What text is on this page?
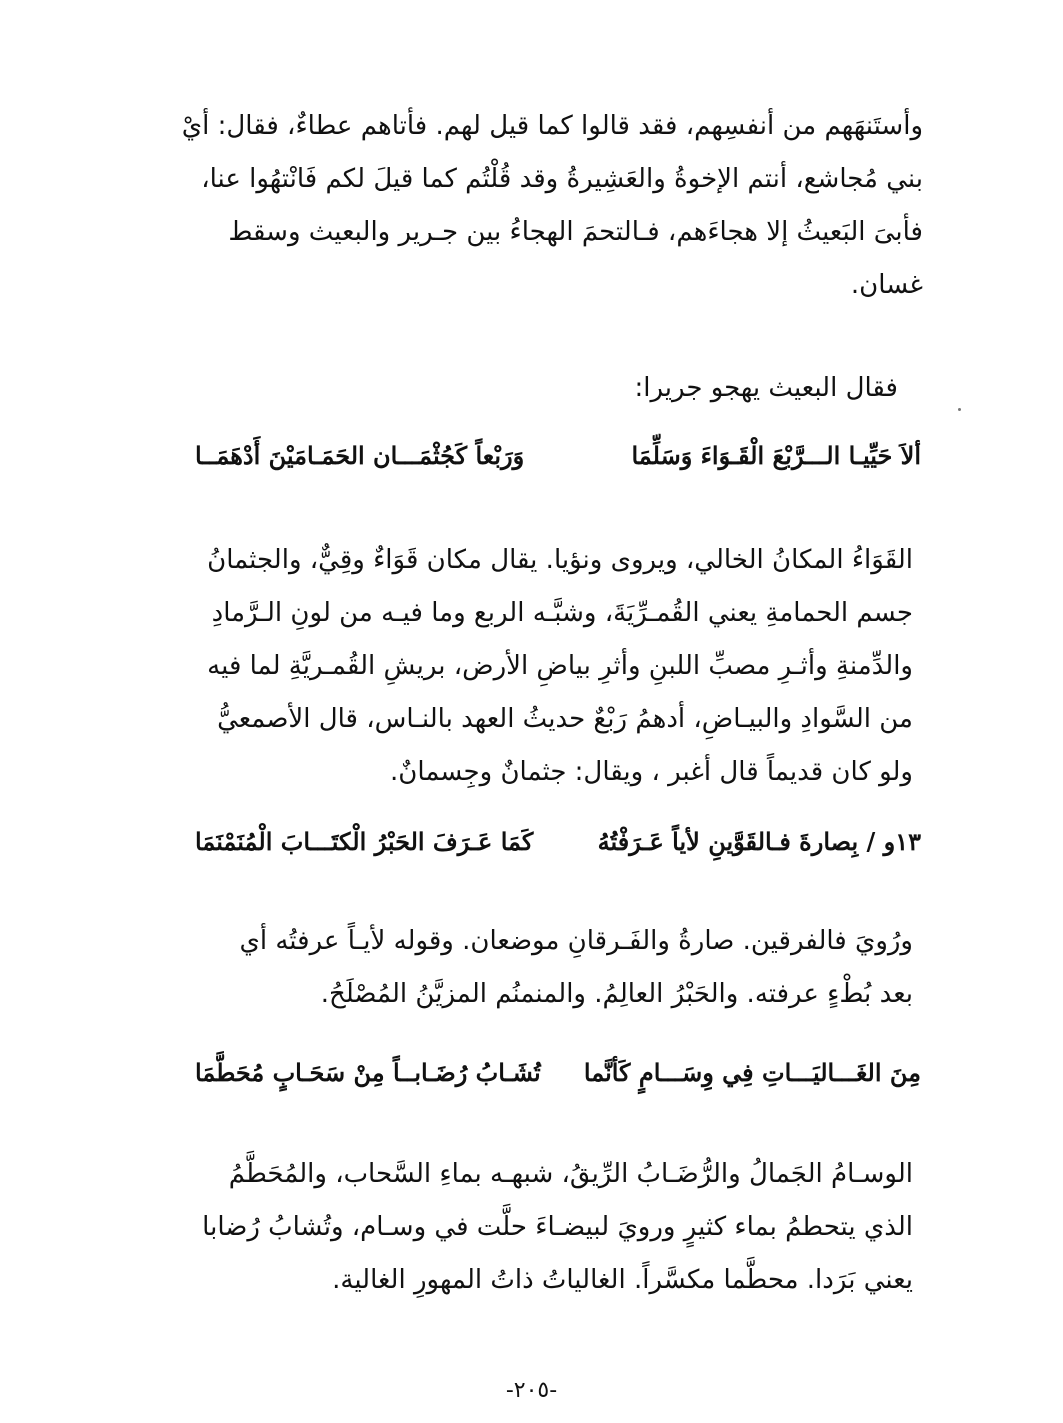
وأستَنهَهم من أنفسِهم، فقد قالوا كما قيل لهم. فأتاهم عطاءٌ، فقال: أيْ
بني مُجاشع، أنتم الإخوةُ والعَشِيرةُ وقد قُلْتُم كما قيلَ لكم فَانْتهُوا عنا،
فأبىَ البَعيثُ إلا هجاءَهم، فـالتحمَ الهجاءُ بين جـرير والبعيث وسقط
غسان.
فقال البعيث يهجو جريرا:
ألاَ حَيِّيـا الـــرَّبْعَ الْقَـوَاءَ وَسَلِّمَا
وَرَبْعاً كَجُثْمَـــان الحَمَـامَيْنَ أَدْهَمَــا
القَوَاءُ المكانُ الخالي، ويروى ونؤيا. يقال مكان قَوَاءٌ وقِيٌّ، والجثمانُ
جسم الحمامةِ يعني القُمـرِّيَةَ، وشبَّـه الربع وما فيـه من لونِ الـرَّمادِ
والدِّمنةِ وأثـرِ مصبِّ اللبنِ وأثرِ بياضِ الأرض، بريشِ القُمـريَّةِ لما فيه
من السَّوادِ والبيـاضِ، أدهمُ رَبْعٌ حديثُ العهد بالنـاس، قال الأصمعيُّ
ولو كان قديماً قال أغبر ، ويقال: جثمانٌ وجِسمانٌ.
١٣و / بِصارةَ فـالقَوَّينِ لأياً عَـرَفْتُهُ
كَمَا عَـرَفَ الحَبْرُ الْكتَـــابَ الْمُنَمْنَمَا
ورُويَ فالفرقين. صارةُ والفَـرقانِ موضعان. وقوله لأيـاً عرفتُه أي
بعد بُطْءٍ عرفته. والحَبْرُ العالِمُ. والمنمنُم المزيَّنُ المُصْلَحُ.
مِنَ الغَـــاليَـــاتِ فِي وِسَـــامٍ كَأنَّما
تُشَـابُ رُضَـابــاً مِنْ سَحَـابٍ مُحَطَّمَا
الوسـامُ الجَمالُ والرُّضَـابُ الرِّيقُ، شبهـه بماءِ السَّحاب، والمُحَطَّمُ
الذي يتحطمُ بماء كثيرٍ ورويَ لبيضـاءَ حلَّت في وسـام، وتُشابُ رُضابا
يعني بَرَدا. محطَّما مكسَّراً. الغالياتُ ذاتُ المهورِ الغالية.
-٢٠٥-
